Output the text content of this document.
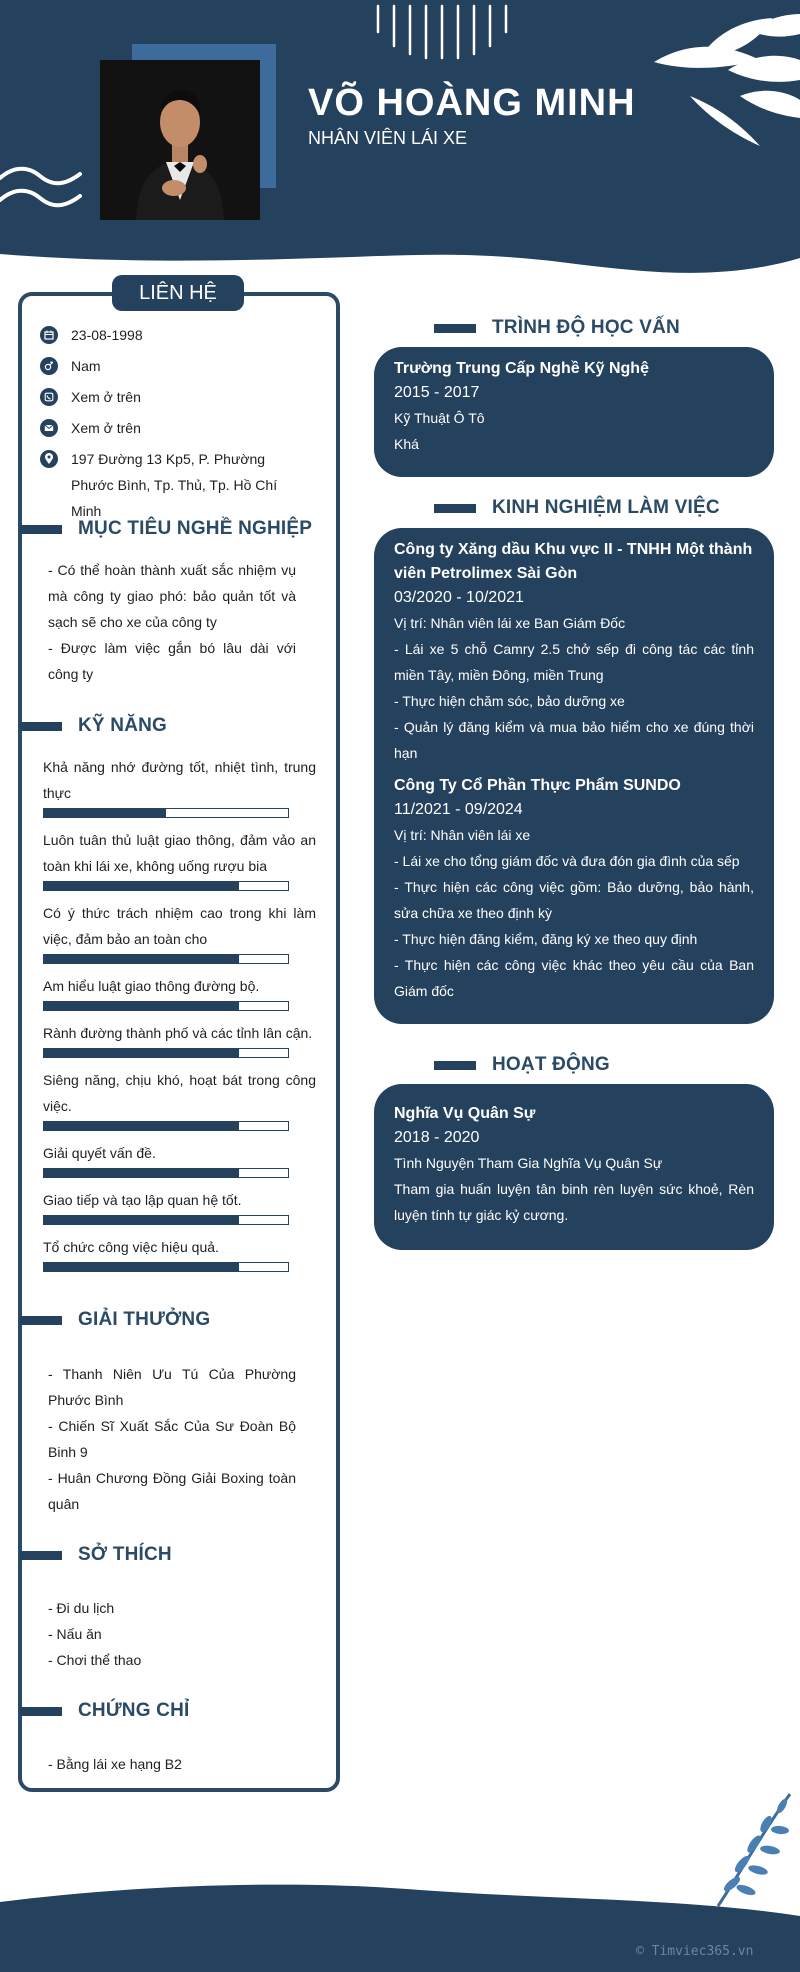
VÕ HOÀNG MINH
NHÂN VIÊN LÁI XE
LIÊN HỆ
23-08-1998
Nam
Xem ở trên
Xem ở trên
197 Đường 13 Kp5, P. Phường Phước Bình, Tp. Thủ, Tp. Hồ Chí Minh
MỤC TIÊU NGHỀ NGHIỆP
- Có thể hoàn thành xuất sắc nhiệm vụ mà công ty giao phó: bảo quản tốt và sạch sẽ cho xe của công ty
- Được làm việc gắn bó lâu dài với công ty
KỸ NĂNG
Khả năng nhớ đường tốt, nhiệt tình, trung thực
Luôn tuân thủ luật giao thông, đảm vảo an toàn khi lái xe, không uống rượu bia
Có ý thức trách nhiệm cao trong khi làm việc, đảm bảo an toàn cho
Am hiểu luật giao thông đường bộ.
Rành đường thành phố và các tỉnh lân cận.
Siêng năng, chịu khó, hoạt bát trong công việc.
Giải quyết vấn đề.
Giao tiếp và tạo lập quan hệ tốt.
Tổ chức công việc hiệu quả.
GIẢI THƯỞNG
- Thanh Niên Ưu Tú Của Phường Phước Bình
- Chiến Sĩ Xuất Sắc Của Sư Đoàn Bộ Binh 9
- Huân Chương Đồng Giải Boxing toàn quân
SỞ THÍCH
- Đi du lịch
- Nấu ăn
- Chơi thể thao
CHỨNG CHỈ
- Bằng lái xe hạng B2
TRÌNH ĐỘ HỌC VẤN
Trường Trung Cấp Nghề Kỹ Nghệ
2015 - 2017
Kỹ Thuật Ô Tô
Khá
KINH NGHIỆM LÀM VIỆC
Công ty Xăng dầu Khu vực II - TNHH Một thành viên Petrolimex Sài Gòn
03/2020 - 10/2021
Vị trí: Nhân viên lái xe Ban Giám Đốc
- Lái xe 5 chỗ Camry 2.5 chở sếp đi công tác các tỉnh miền Tây, miền Đông, miền Trung
- Thực hiện chăm sóc, bảo dưỡng xe
- Quản lý đăng kiểm và mua bảo hiểm cho xe đúng thời hạn
Công Ty Cổ Phần Thực Phẩm SUNDO
11/2021 - 09/2024
Vị trí: Nhân viên lái xe
- Lái xe cho tổng giám đốc và đưa đón gia đình của sếp
- Thực hiện các công việc gồm: Bảo dưỡng, bảo hành, sửa chữa xe theo định kỳ
- Thực hiện đăng kiểm, đăng ký xe theo quy định
- Thực hiện các công việc khác theo yêu cầu của Ban Giám đốc
HOẠT ĐỘNG
Nghĩa Vụ Quân Sự
2018 - 2020
Tình Nguyện Tham Gia Nghĩa Vụ Quân Sự
Tham gia huấn luyện tân binh rèn luyện sức khoẻ, Rèn luyện tính tự giác kỷ cương.
© Timviec365.vn
